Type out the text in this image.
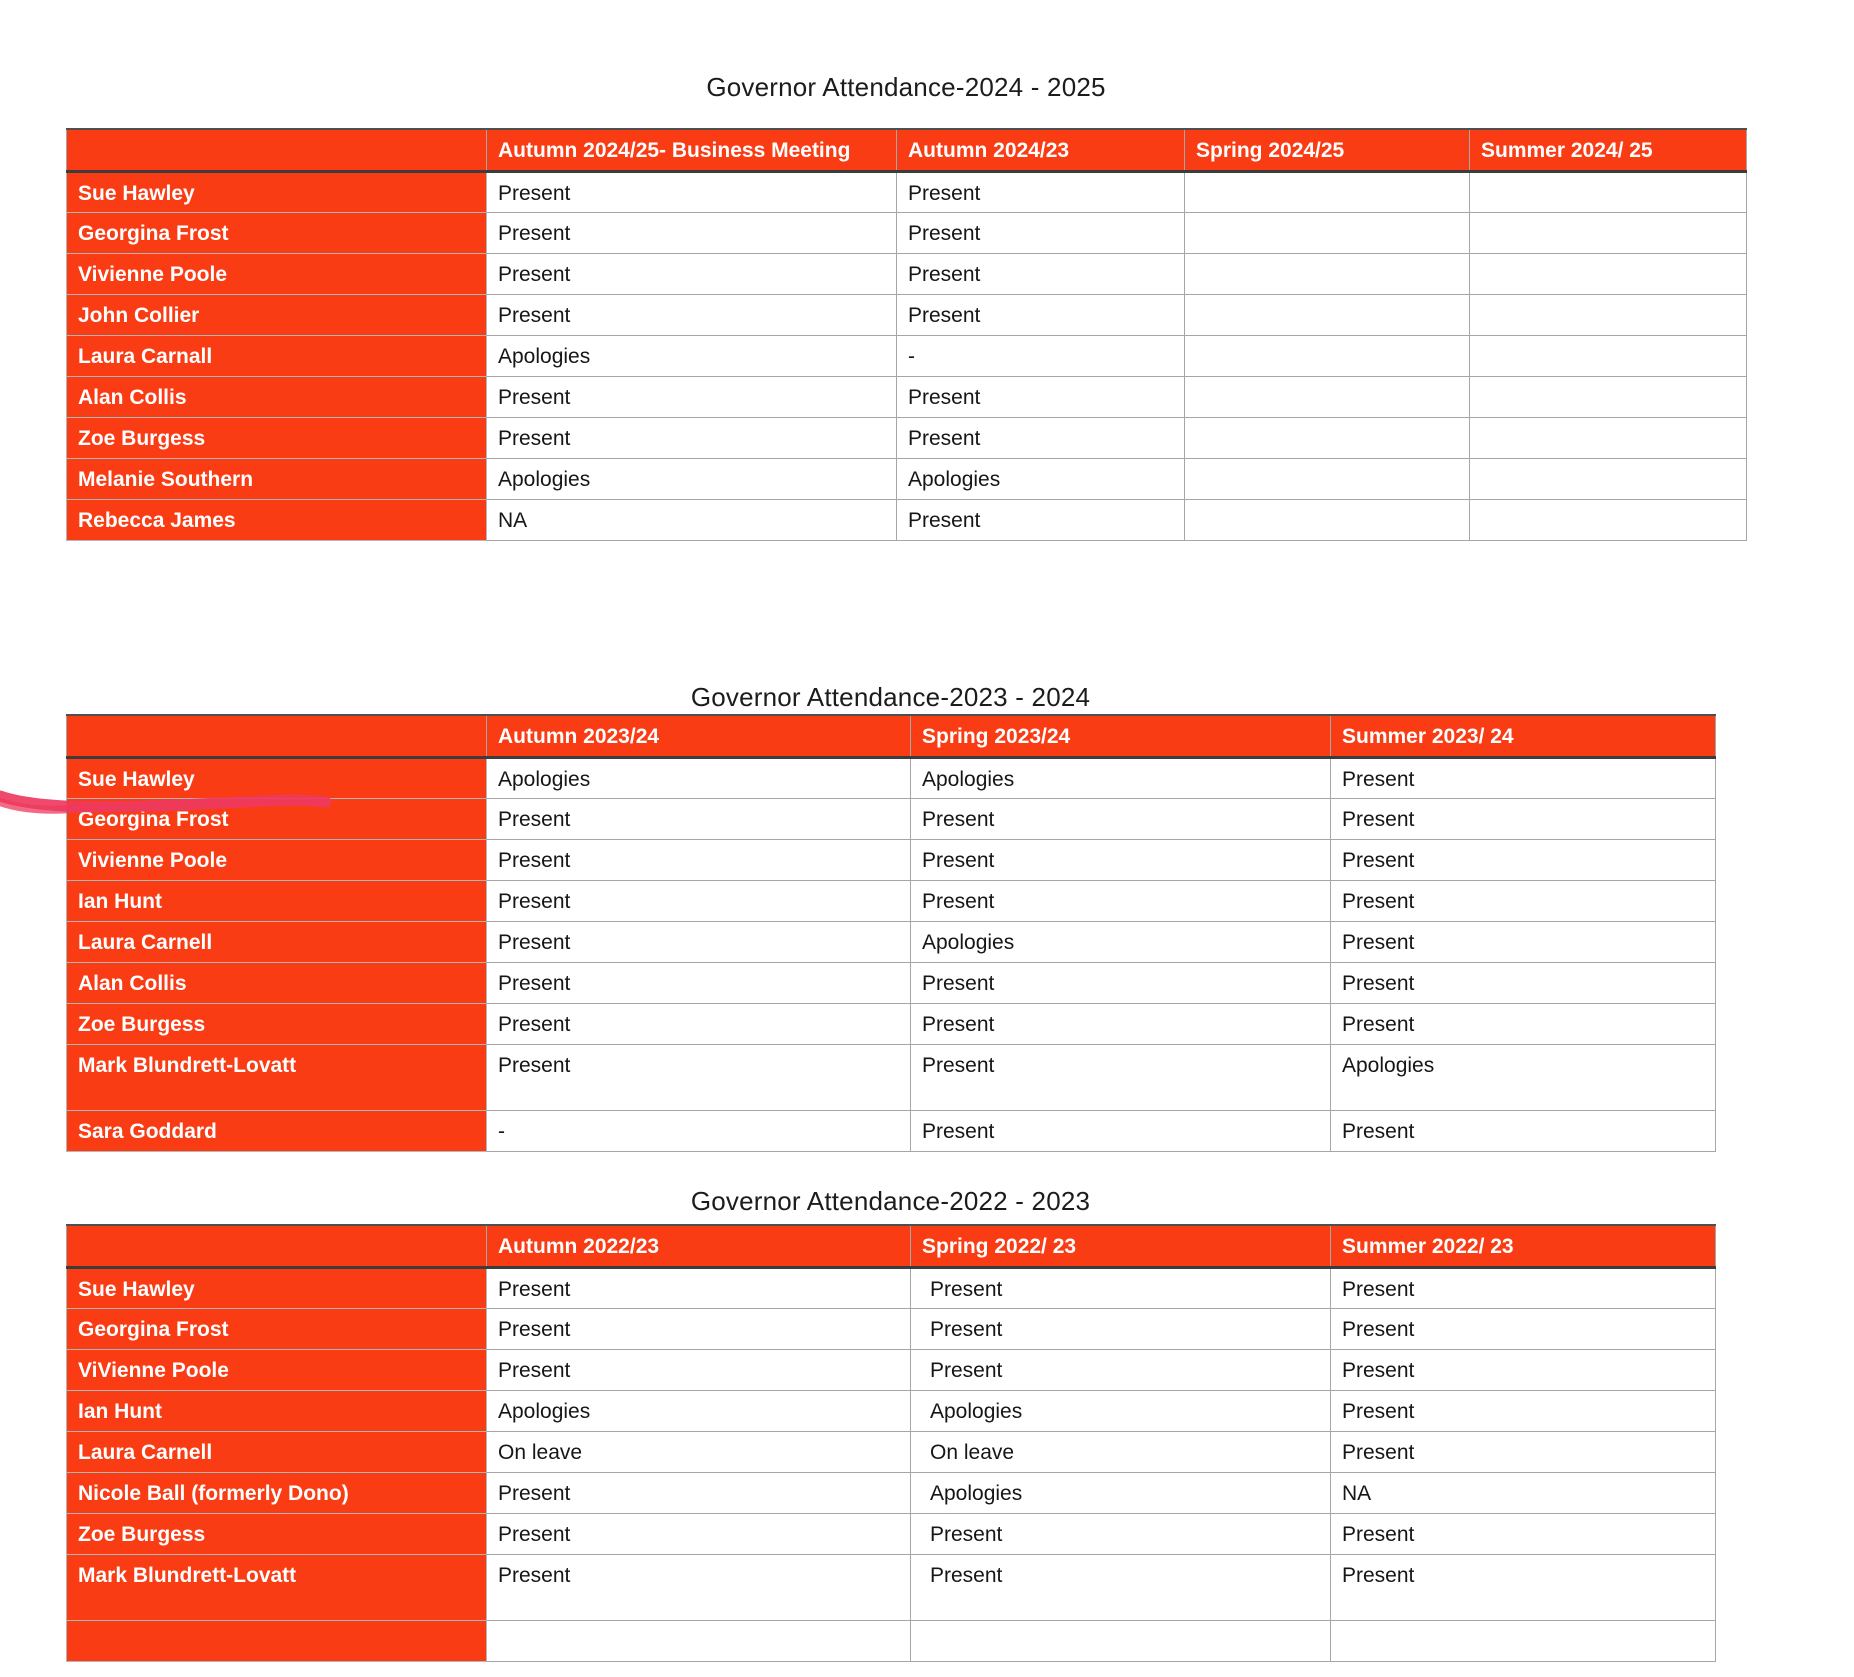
Governor Attendance-2024 - 2025
	Autumn 2024/25- Business Meeting	Autumn 2024/23	Spring 2024/25	Summer 2024/ 25
Sue Hawley	Present	Present		
Georgina Frost	Present	Present		
Vivienne Poole	Present	Present		
John Collier	Present	Present		
Laura Carnall	Apologies	-		
Alan Collis	Present	Present		
Zoe Burgess	Present	Present		
Melanie Southern	Apologies	Apologies		
Rebecca James	NA	Present		
Governor Attendance-2023 - 2024
	Autumn 2023/24	Spring 2023/24	Summer 2023/ 24
Sue Hawley	Apologies	Apologies	Present
Georgina Frost	Present	Present	Present
Vivienne Poole	Present	Present	Present
Ian Hunt	Present	Present	Present
Laura Carnell	Present	Apologies	Present
Alan Collis	Present	Present	Present
Zoe Burgess	Present	Present	Present
Mark Blundrett-Lovatt	Present	Present	Apologies
Sara Goddard	-	Present	Present
Governor Attendance-2022 - 2023
	Autumn 2022/23	Spring 2022/ 23	Summer 2022/ 23
Sue Hawley	Present	Present	Present
Georgina Frost	Present	Present	Present
ViVienne Poole	Present	Present	Present
Ian Hunt	Apologies	Apologies	Present
Laura Carnell	On leave	On leave	Present
Nicole Ball (formerly Dono)	Present	Apologies	NA
Zoe Burgess	Present	Present	Present
Mark Blundrett-Lovatt	Present	Present	Present
